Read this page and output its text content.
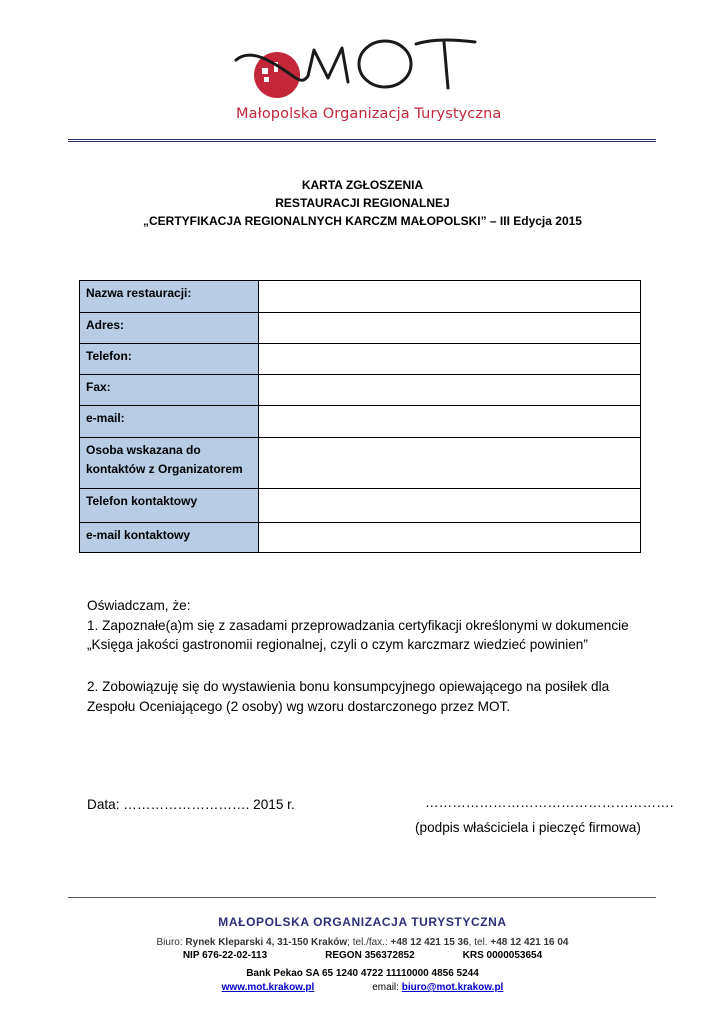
Małopolska Organizacja Turystyczna
KARTA ZGŁOSZENIA
RESTAURACJI REGIONALNEJ
„CERTYFIKACJA REGIONALNYCH KARCZM MAŁOPOLSKI” – III Edycja 2015
Nazwa restauracji:	
Adres:	
Telefon:	
Fax:	
e-mail:	
Osoba wskazana do kontaktów z Organizatorem	
Telefon kontaktowy	
e-mail kontaktowy	
Oświadczam, że:
1. Zapoznałe(a)m się z zasadami przeprowadzania certyfikacji określonymi w dokumencie
„Księga jakości gastronomii regionalnej, czyli o czym karczmarz wiedzieć powinien”
2. Zobowiązuję się do wystawienia bonu konsumpcyjnego opiewającego na posiłek dla
Zespołu Oceniającego (2 osoby) wg wzoru dostarczonego przez MOT.
Data: ………………………. 2015 r.	……………………………………………….
(podpis właściciela i pieczęć firmowa)
MAŁOPOLSKA ORGANIZACJA TURYSTYCZNA
Biuro: Rynek Kleparski 4, 31-150 Kraków; tel./fax.: +48 12 421 15 36, tel. +48 12 421 16 04
NIP 676-22-02-113	REGON 356372852	KRS 0000053654
Bank Pekao SA 65 1240 4722 11110000 4856 5244
www.mot.krakow.pl	email: biuro@mot.krakow.pl
